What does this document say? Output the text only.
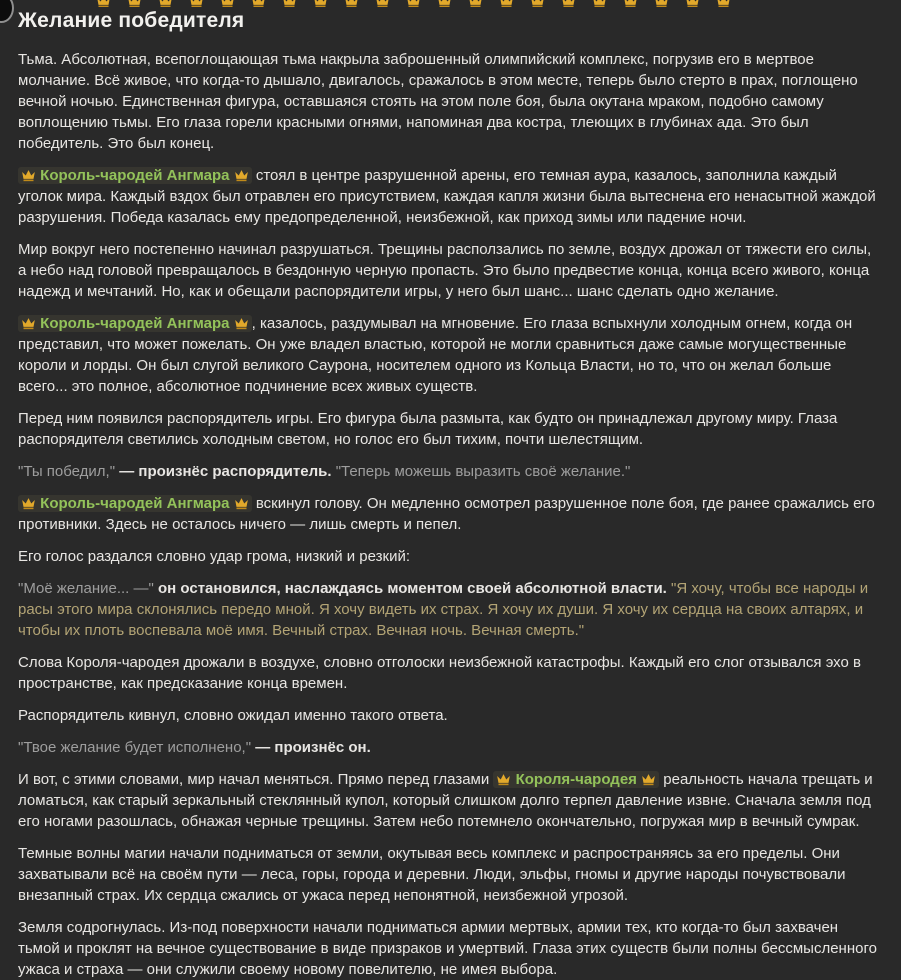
Желание победителя

Тьма. Абсолютная, всепоглощающая тьма накрыла заброшенный олимпийский комплекс, погрузив его в мертвое молчание. Всё живое, что когда-то дышало, двигалось, сражалось в этом месте, теперь было стерто в прах, поглощено вечной ночью. Единственная фигура, оставшаяся стоять на этом поле боя, была окутана мраком, подобно самому воплощению тьмы. Его глаза горели красными огнями, напоминая два костра, тлеющих в глубинах ада. Это был победитель. Это был конец.

Король-чародей Ангмара  стоял в центре разрушенной арены, его темная аура, казалось, заполнила каждый уголок мира. Каждый вздох был отравлен его присутствием, каждая капля жизни была вытеснена его ненасытной жаждой разрушения. Победа казалась ему предопределенной, неизбежной, как приход зимы или падение ночи.

Мир вокруг него постепенно начинал разрушаться. Трещины расползались по земле, воздух дрожал от тяжести его силы, а небо над головой превращалось в бездонную черную пропасть. Это было предвестие конца, конца всего живого, конца надежд и мечтаний. Но, как и обещали распорядители игры, у него был шанс... шанс сделать одно желание.

Король-чародей Ангмара , казалось, раздумывал на мгновение. Его глаза вспыхнули холодным огнем, когда он представил, что может пожелать. Он уже владел властью, которой не могли сравниться даже самые могущественные короли и лорды. Он был слугой великого Саурона, носителем одного из Кольца Власти, но то, что он желал больше всего... это полное, абсолютное подчинение всех живых существ.

Перед ним появился распорядитель игры. Его фигура была размыта, как будто он принадлежал другому миру. Глаза распорядителя светились холодным светом, но голос его был тихим, почти шелестящим.

"Ты победил," — произнёс распорядитель. "Теперь можешь выразить своё желание."

Король-чародей Ангмара  вскинул голову. Он медленно осмотрел разрушенное поле боя, где ранее сражались его противники. Здесь не осталось ничего — лишь смерть и пепел.

Его голос раздался словно удар грома, низкий и резкий:

"Моё желание... —" он остановился, наслаждаясь моментом своей абсолютной власти. "Я хочу, чтобы все народы и расы этого мира склонялись передо мной. Я хочу видеть их страх. Я хочу их души. Я хочу их сердца на своих алтарях, и чтобы их плоть воспевала моё имя. Вечный страх. Вечная ночь. Вечная смерть."

Слова Короля-чародея дрожали в воздухе, словно отголоски неизбежной катастрофы. Каждый его слог отзывался эхо в пространстве, как предсказание конца времен.

Распорядитель кивнул, словно ожидал именно такого ответа.

"Твое желание будет исполнено," — произнёс он.

И вот, с этими словами, мир начал меняться. Прямо перед глазами  Короля-чародея  реальность начала трещать и ломаться, как старый зеркальный стеклянный купол, который слишком долго терпел давление извне. Сначала земля под его ногами разошлась, обнажая черные трещины. Затем небо потемнело окончательно, погружая мир в вечный сумрак.

Темные волны магии начали подниматься от земли, окутывая весь комплекс и распространяясь за его пределы. Они захватывали всё на своём пути — леса, горы, города и деревни. Люди, эльфы, гномы и другие народы почувствовали внезапный страх. Их сердца сжались от ужаса перед непонятной, неизбежной угрозой.

Земля содрогнулась. Из-под поверхности начали подниматься армии мертвых, армии тех, кто когда-то был захвачен тьмой и проклят на вечное существование в виде призраков и умертвий. Глаза этих существ были полны бессмысленного ужаса и страха — они служили своему новому повелителю, не имея выбора.
